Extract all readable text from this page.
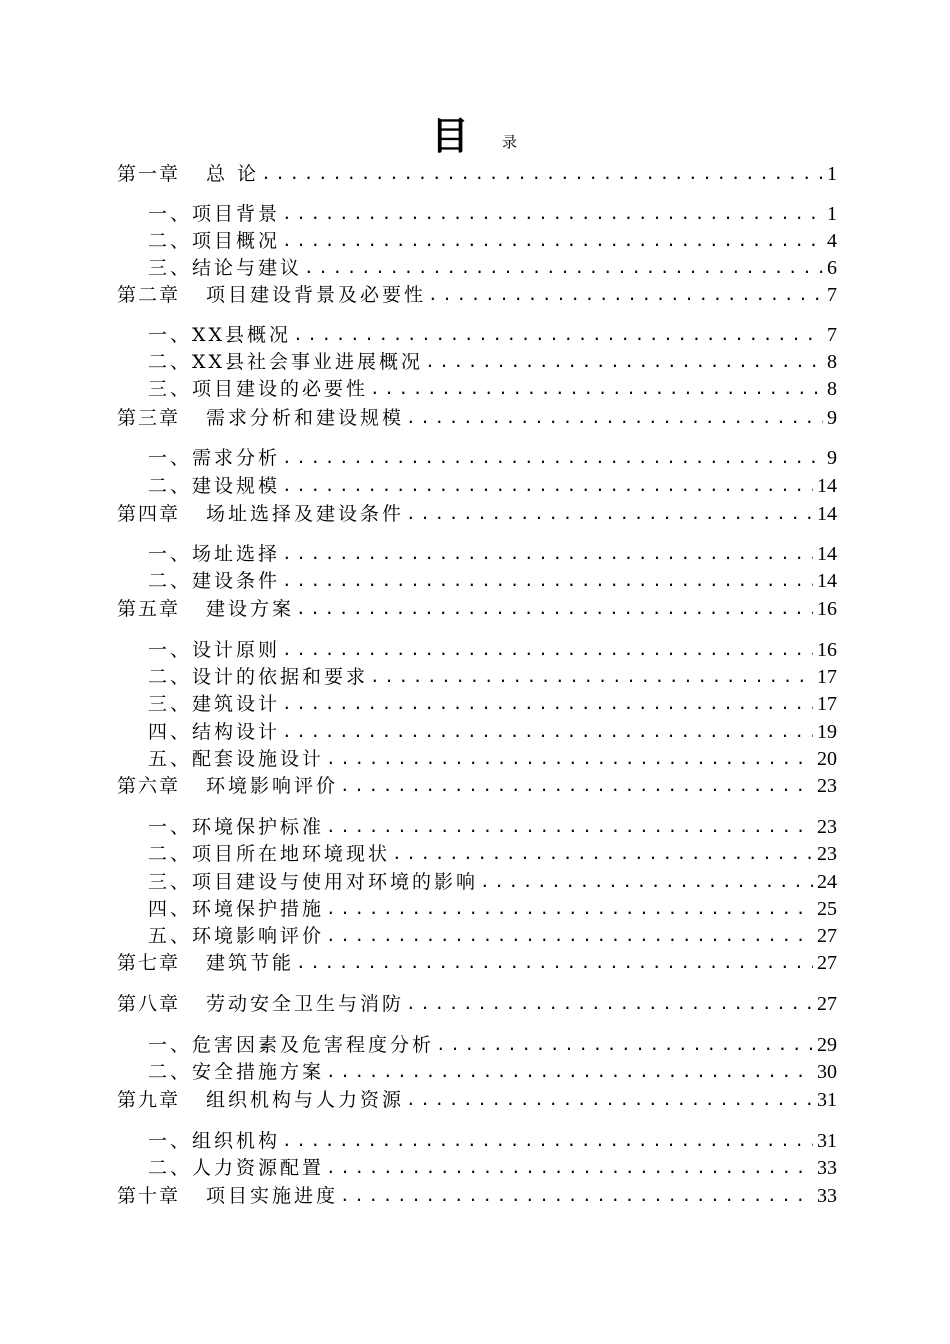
目 录
第一章 总 论 .....	1
一、项目背景 .....	1
二、项目概况 .....	4
三、结论与建议 .....	6
第二章 项目建设背景及必要性 .....	7
一、XX县概况 .....	7
二、XX县社会事业进展概况 .....	8
三、项目建设的必要性 .....	8
第三章 需求分析和建设规模 .....	9
一、需求分析 .....	9
二、建设规模 .....	14
第四章 场址选择及建设条件 .....	14
一、场址选择 .....	14
二、建设条件 .....	14
第五章 建设方案 .....	16
一、设计原则 .....	16
二、设计的依据和要求 .....	17
三、建筑设计 .....	17
四、结构设计 .....	19
五、配套设施设计 .....	20
第六章 环境影响评价 .....	23
一、环境保护标准 .....	23
二、项目所在地环境现状 .....	23
三、项目建设与使用对环境的影响 .....	24
四、环境保护措施 .....	25
五、环境影响评价 .....	27
第七章 建筑节能 .....	27
第八章 劳动安全卫生与消防 .....	27
一、危害因素及危害程度分析 .....	29
二、安全措施方案 .....	30
第九章 组织机构与人力资源 .....	31
一、组织机构 .....	31
二、人力资源配置 .....	33
第十章 项目实施进度 .....	33
